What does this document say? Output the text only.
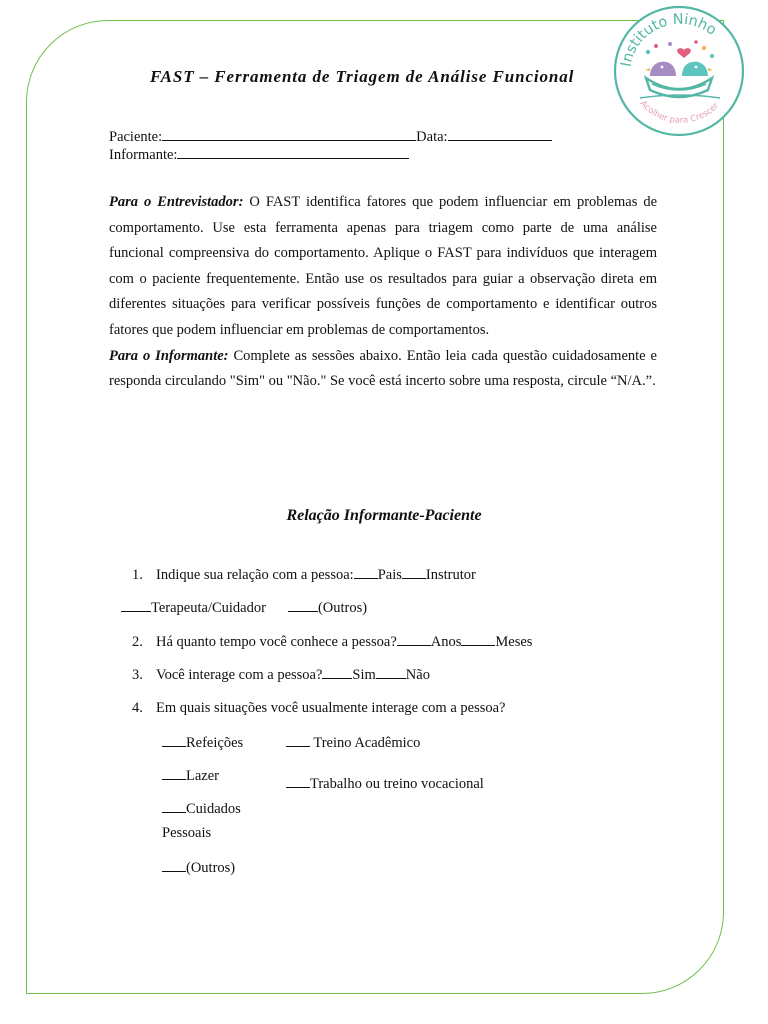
Instituto Ninho
Acolher para Crescer
FAST – Ferramenta de Triagem de Análise Funcional
Paciente:	Data:
Informante:

Para o Entrevistador: O FAST identifica fatores que podem influenciar em problemas de comportamento. Use esta ferramenta apenas para triagem como parte de uma análise funcional compreensiva do comportamento. Aplique o FAST para indivíduos que interagem com o paciente frequentemente. Então use os resultados para guiar a observação direta em diferentes situações para verificar possíveis funções de comportamento e identificar outros fatores que podem influenciar em problemas de comportamentos.

Para o Informante: Complete as sessões abaixo. Então leia cada questão cuidadosamente e responda circulando "Sim" ou "Não." Se você está incerto sobre uma resposta, circule “N/A.”.

Relação Informante-Paciente
1. Indique sua relação com a pessoa: Pais Instrutor
Terapeuta/Cuidador	(Outros)
2. Há quanto tempo você conhece a pessoa? Anos Meses
3. Você interage com a pessoa? Sim Não
4. Em quais situações você usualmente interage com a pessoa?
Refeições	Treino Acadêmico
Lazer	Trabalho ou treino vocacional
Cuidados
Pessoais
(Outros)
